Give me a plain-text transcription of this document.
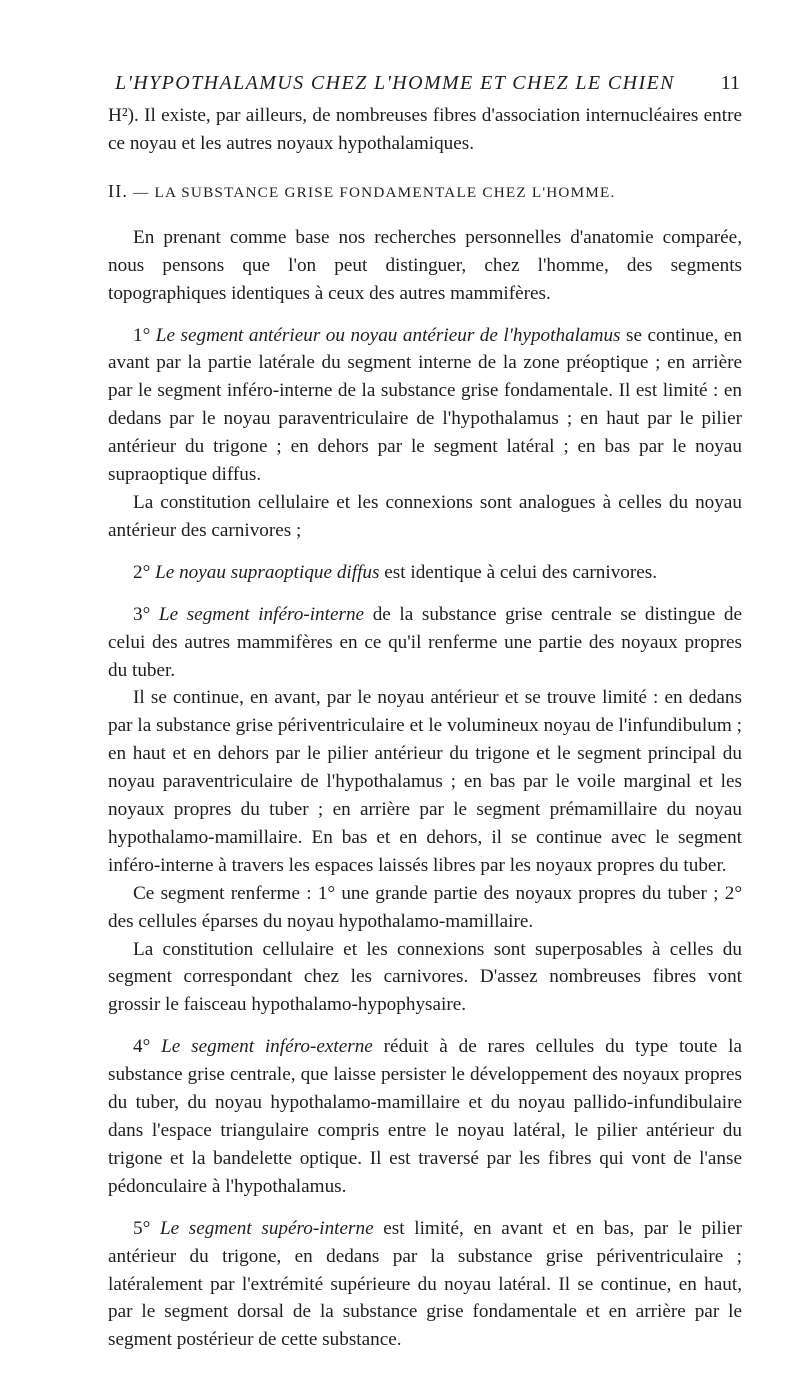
L'HYPOTHALAMUS CHEZ L'HOMME ET CHEZ LE CHIEN 11

H²). Il existe, par ailleurs, de nombreuses fibres d'association internucléaires entre ce noyau et les autres noyaux hypothalamiques.

II. — LA SUBSTANCE GRISE FONDAMENTALE CHEZ L'HOMME.

En prenant comme base nos recherches personnelles d'anatomie comparée, nous pensons que l'on peut distinguer, chez l'homme, des segments topographiques identiques à ceux des autres mammifères.

1° Le segment antérieur ou noyau antérieur de l'hypothalamus se continue, en avant par la partie latérale du segment interne de la zone préoptique ; en arrière par le segment inféro-interne de la substance grise fondamentale. Il est limité : en dedans par le noyau paraventriculaire de l'hypothalamus ; en haut par le pilier antérieur du trigone ; en dehors par le segment latéral ; en bas par le noyau supraoptique diffus.

La constitution cellulaire et les connexions sont analogues à celles du noyau antérieur des carnivores ;

2° Le noyau supraoptique diffus est identique à celui des carnivores.

3° Le segment inféro-interne de la substance grise centrale se distingue de celui des autres mammifères en ce qu'il renferme une partie des noyaux propres du tuber.

Il se continue, en avant, par le noyau antérieur et se trouve limité : en dedans par la substance grise périventriculaire et le volumineux noyau de l'infundibulum ; en haut et en dehors par le pilier antérieur du trigone et le segment principal du noyau paraventriculaire de l'hypothalamus ; en bas par le voile marginal et les noyaux propres du tuber ; en arrière par le segment prémamillaire du noyau hypothalamo-mamillaire. En bas et en dehors, il se continue avec le segment inféro-interne à travers les espaces laissés libres par les noyaux propres du tuber.

Ce segment renferme : 1° une grande partie des noyaux propres du tuber ; 2° des cellules éparses du noyau hypothalamo-mamillaire.

La constitution cellulaire et les connexions sont superposables à celles du segment correspondant chez les carnivores. D'assez nombreuses fibres vont grossir le faisceau hypothalamo-hypophysaire.

4° Le segment inféro-externe réduit à de rares cellules du type toute la substance grise centrale, que laisse persister le développement des noyaux propres du tuber, du noyau hypothalamo-mamillaire et du noyau pallido-infundibulaire dans l'espace triangulaire compris entre le noyau latéral, le pilier antérieur du trigone et la bandelette optique. Il est traversé par les fibres qui vont de l'anse pédonculaire à l'hypothalamus.

5° Le segment supéro-interne est limité, en avant et en bas, par le pilier antérieur du trigone, en dedans par la substance grise périventriculaire ; latéralement par l'extrémité supérieure du noyau latéral. Il se continue, en haut, par le segment dorsal de la substance grise fondamentale et en arrière par le segment postérieur de cette substance.
